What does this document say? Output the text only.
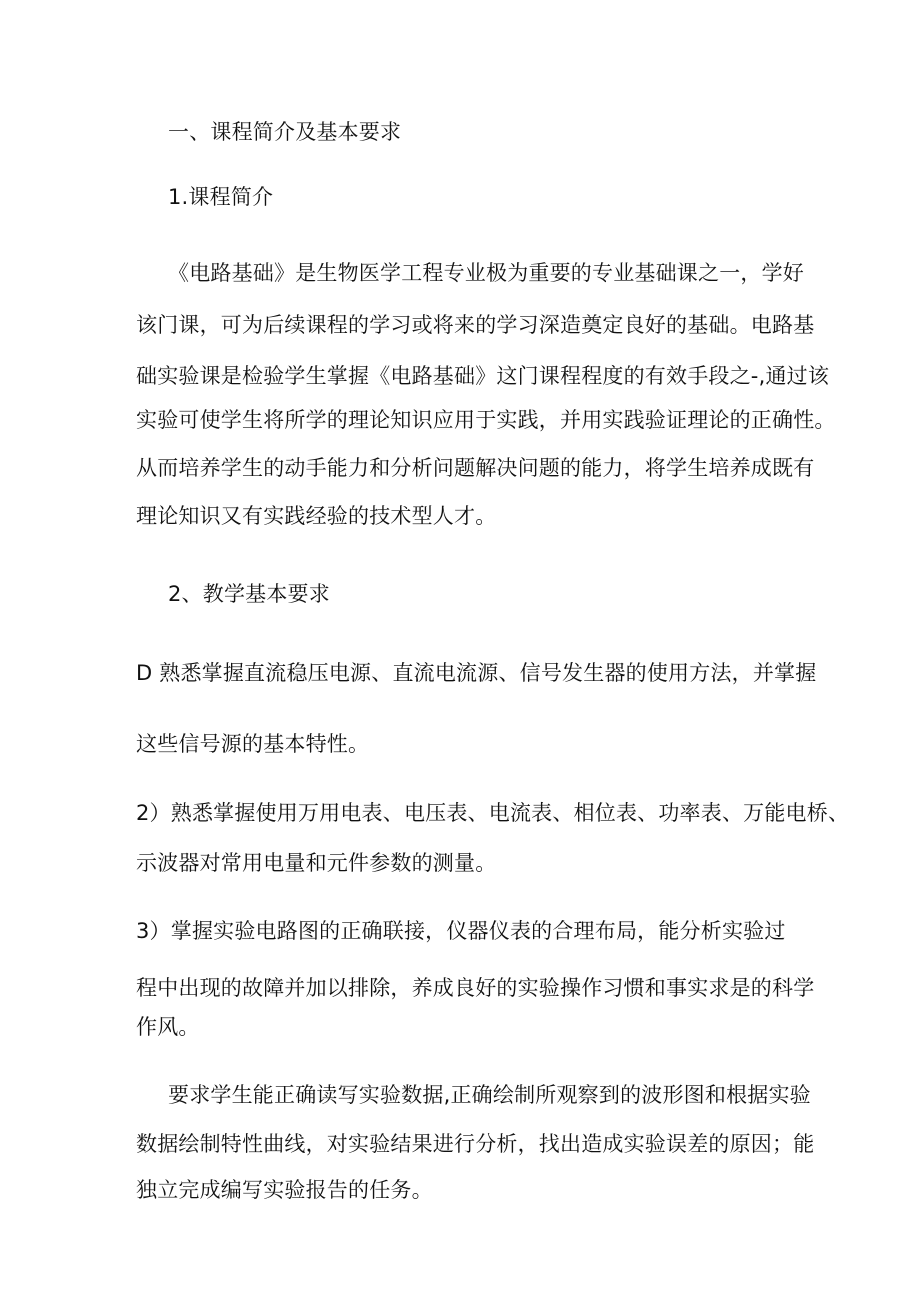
一、课程简介及基本要求
1.课程简介
《电路基础》是生物医学工程专业极为重要的专业基础课之一，学好
该门课，可为后续课程的学习或将来的学习深造奠定良好的基础。电路基
础实验课是检验学生掌握《电路基础》这门课程程度的有效手段之-,通过该
实验可使学生将所学的理论知识应用于实践，并用实践验证理论的正确性。
从而培养学生的动手能力和分析问题解决问题的能力，将学生培养成既有
理论知识又有实践经验的技术型人才。
2、教学基本要求
D 熟悉掌握直流稳压电源、直流电流源、信号发生器的使用方法，并掌握
这些信号源的基本特性。
2）熟悉掌握使用万用电表、电压表、电流表、相位表、功率表、万能电桥、
示波器对常用电量和元件参数的测量。
3）掌握实验电路图的正确联接，仪器仪表的合理布局，能分析实验过
程中出现的故障并加以排除，养成良好的实验操作习惯和事实求是的科学
作风。
要求学生能正确读写实验数据,正确绘制所观察到的波形图和根据实验
数据绘制特性曲线，对实验结果进行分析，找出造成实验误差的原因；能
独立完成编写实验报告的任务。
